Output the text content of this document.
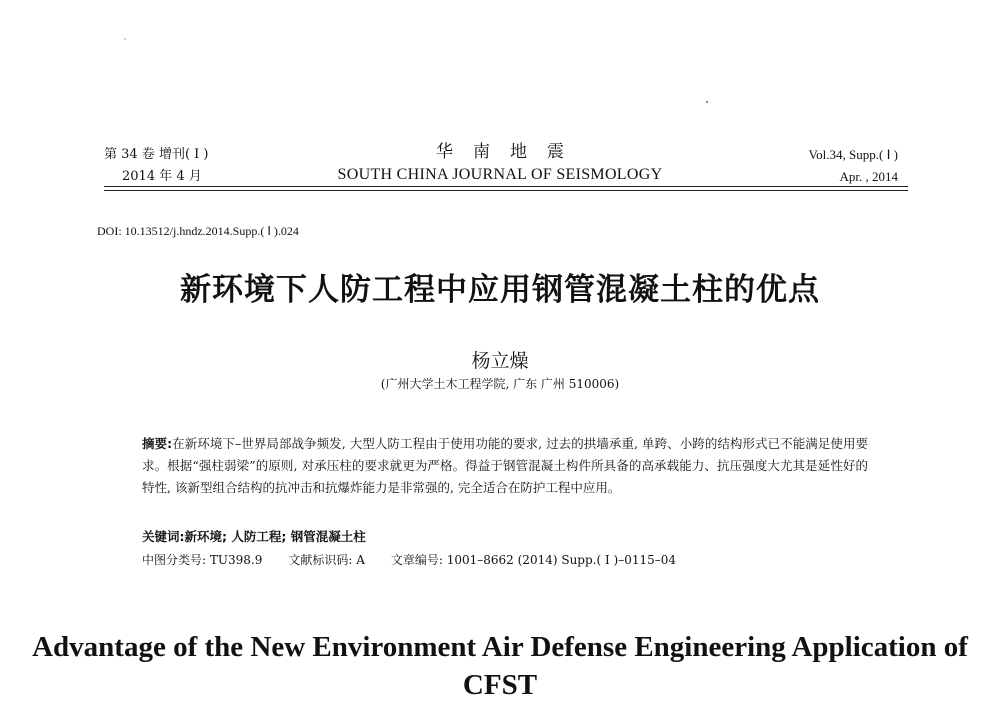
第 34 卷 增刊( Ⅰ )
2014 年 4 月
华南地震
SOUTH CHINA JOURNAL OF SEISMOLOGY
Vol.34, Supp.( Ⅰ )
Apr. , 2014
DOI: 10.13512/j.hndz.2014.Supp.( Ⅰ ).024
新环境下人防工程中应用钢管混凝土柱的优点
杨立燥
(广州大学土木工程学院, 广东 广州 510006)
摘要:在新环境下–世界局部战争频发, 大型人防工程由于使用功能的要求, 过去的拱墙承重, 单跨、小跨的结构形式已不能满足使用要求。根据“强柱弱梁”的原则, 对承压柱的要求就更为严格。得益于钢管混凝土构件所具备的高承载能力、抗压强度大尤其是延性好的特性, 该新型组合结构的抗冲击和抗爆炸能力是非常强的, 完全适合在防护工程中应用。
关键词:新环境; 人防工程; 钢管混凝土柱
中图分类号: TU398.9 文献标识码: A 文章编号: 1001–8662 (2014) Supp.( Ⅰ )–0115–04
Advantage of the New Environment Air Defense Engineering Application of CFST
